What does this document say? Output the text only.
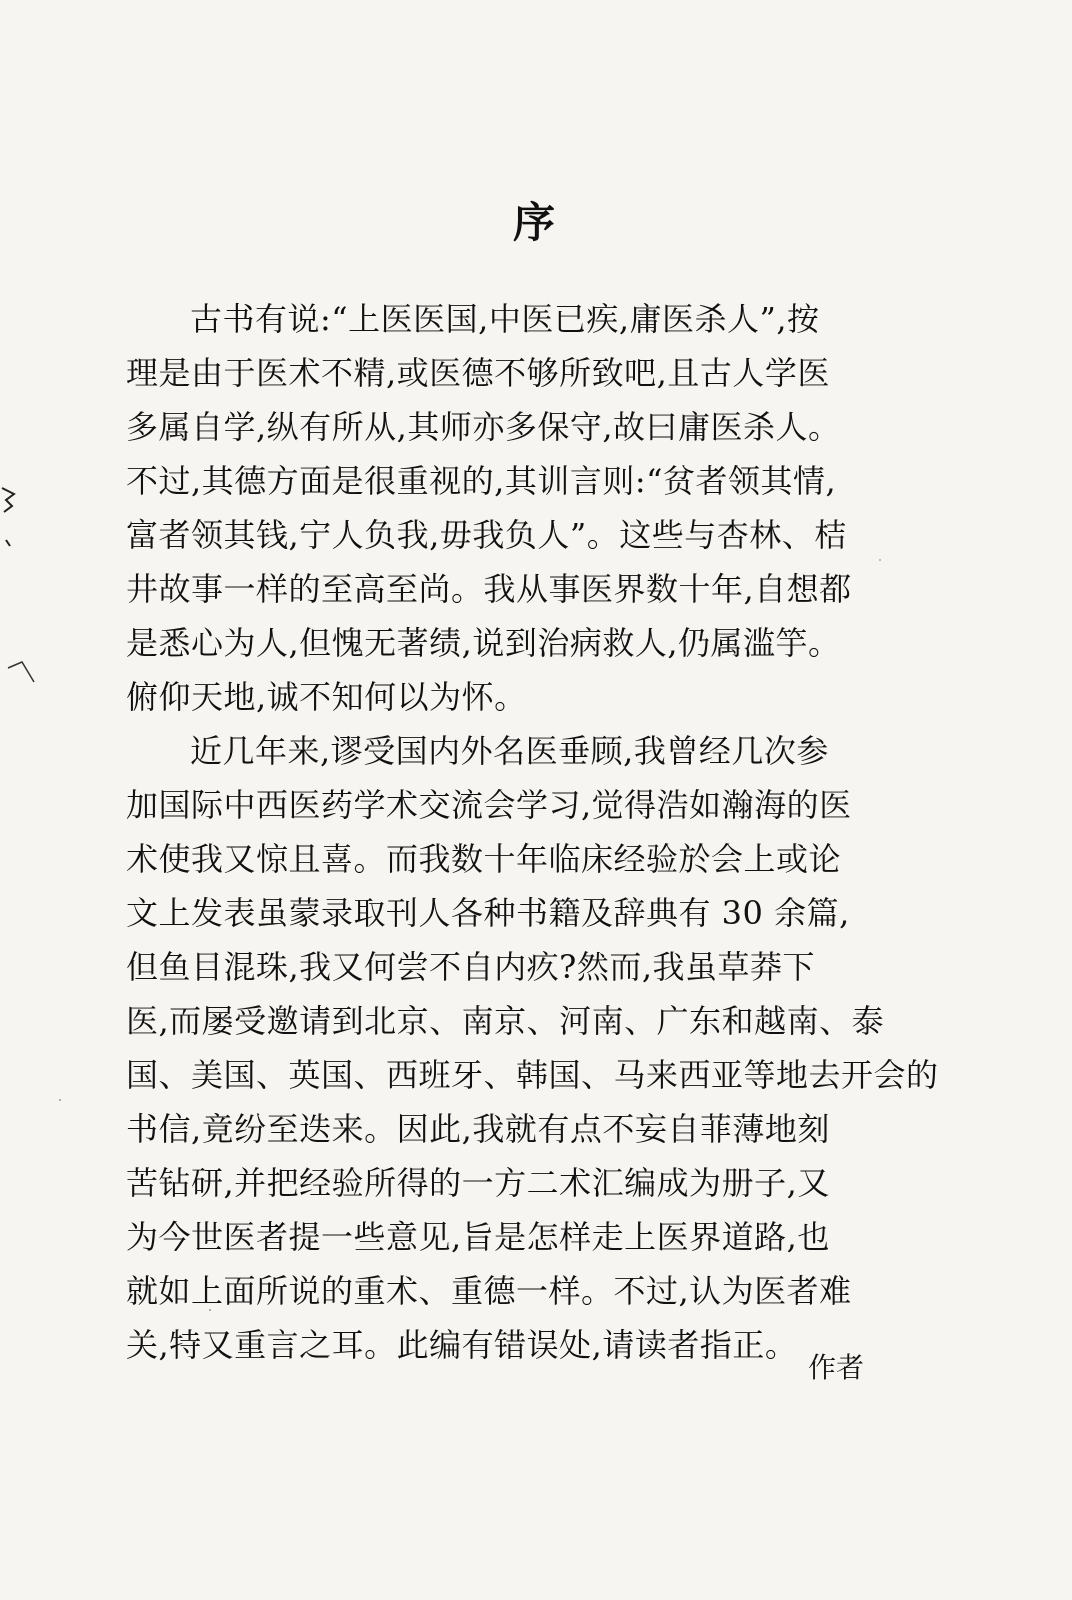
序
古书有说:“上医医国,中医已疾,庸医杀人”,按
理是由于医术不精,或医德不够所致吧,且古人学医
多属自学,纵有所从,其师亦多保守,故曰庸医杀人。
不过,其德方面是很重视的,其训言则:“贫者领其情,
富者领其钱,宁人负我,毋我负人”。这些与杏林、桔
井故事一样的至高至尚。我从事医界数十年,自想都
是悉心为人,但愧无著绩,说到治病救人,仍属滥竽。
俯仰天地,诚不知何以为怀。
近几年来,谬受国内外名医垂顾,我曾经几次参
加国际中西医药学术交流会学习,觉得浩如瀚海的医
术使我又惊且喜。而我数十年临床经验於会上或论
文上发表虽蒙录取刊人各种书籍及辞典有 30 余篇,
但鱼目混珠,我又何尝不自内疚?然而,我虽草莽下
医,而屡受邀请到北京、南京、河南、广东和越南、泰
国、美国、英国、西班牙、韩国、马来西亚等地去开会的
书信,竟纷至迭来。因此,我就有点不妄自菲薄地刻
苦钻研,并把经验所得的一方二术汇编成为册子,又
为今世医者提一些意见,旨是怎样走上医界道路,也
就如上面所说的重术、重德一样。不过,认为医者难
关,特又重言之耳。此编有错误处,请读者指正。
作者
